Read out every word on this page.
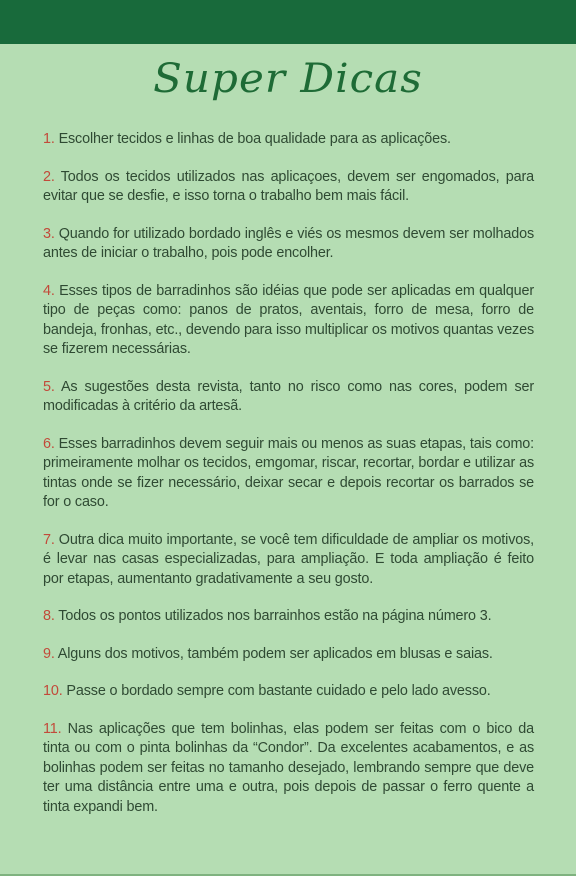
Super Dicas
1. Escolher tecidos e linhas de boa qualidade para as aplicações.
2. Todos os tecidos utilizados nas aplicaçoes, devem ser engomados, para evitar que se desfie, e isso torna o trabalho bem mais fácil.
3. Quando for utilizado bordado inglês e viés os mesmos devem ser molhados antes de iniciar o trabalho, pois pode encolher.
4. Esses tipos de barradinhos são idéias que pode ser aplicadas em qualquer tipo de peças como: panos de pratos, aventais, forro de mesa, forro de bandeja, fronhas, etc., devendo para isso multiplicar os motivos quantas vezes se fizerem necessárias.
5. As sugestões desta revista, tanto no risco como nas cores, podem ser modificadas à critério da artesã.
6. Esses barradinhos devem seguir mais ou menos as suas etapas, tais como: primeiramente molhar os tecidos, emgomar, riscar, recortar, bordar e utilizar as tintas onde se fizer necessário, deixar secar e depois recortar os barrados se for o caso.
7. Outra dica muito importante, se você tem dificuldade de ampliar os motivos, é levar nas casas especializadas, para ampliação. E toda ampliação é feito por etapas, aumentanto gradativamente a seu gosto.
8. Todos os pontos utilizados nos barrainhos estão na página número 3.
9. Alguns dos motivos, também podem ser aplicados em blusas e saias.
10. Passe o bordado sempre com bastante cuidado e pelo lado avesso.
11. Nas aplicações que tem bolinhas, elas podem ser feitas com o bico da tinta ou com o pinta bolinhas da “Condor”. Da excelentes acabamentos, e as bolinhas podem ser feitas no tamanho desejado, lembrando sempre que deve ter uma distância entre uma e outra, pois depois de passar o ferro quente a tinta expandi bem.
